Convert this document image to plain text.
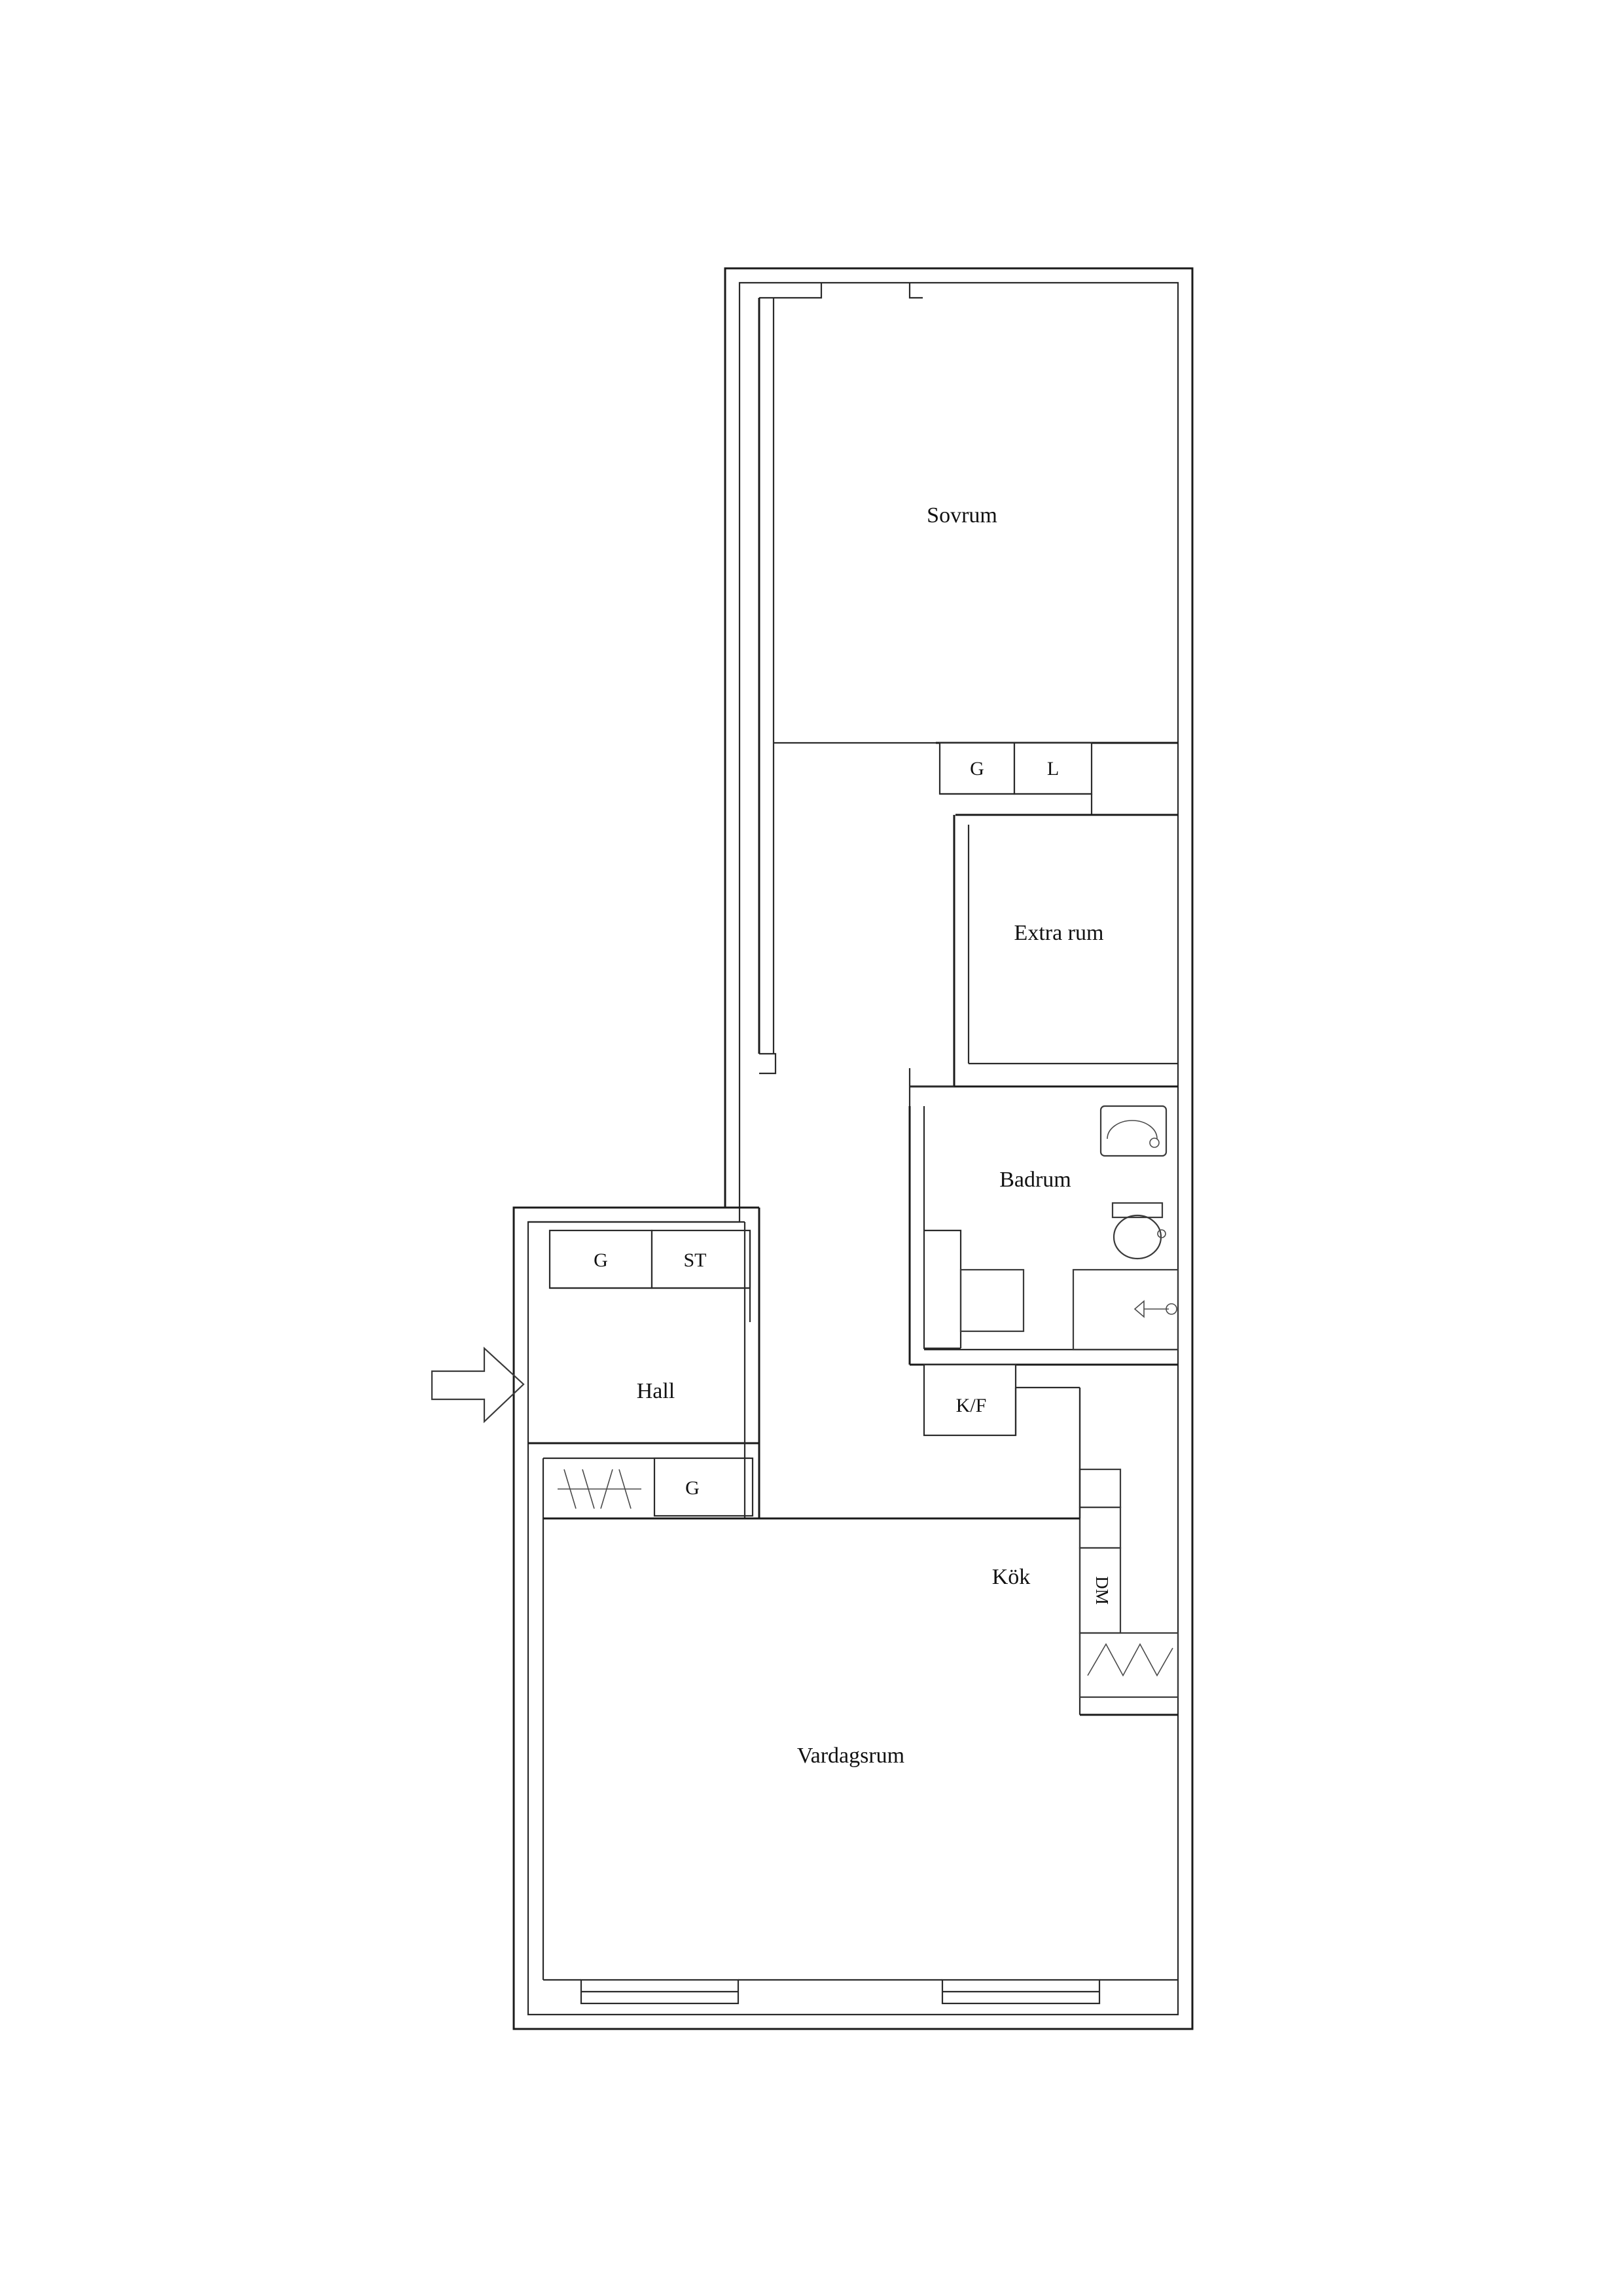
Sovrum
G	L
Extra rum
Badrum
Hall
G	ST
G
Kök
K/F
DM
Vardagsrum
